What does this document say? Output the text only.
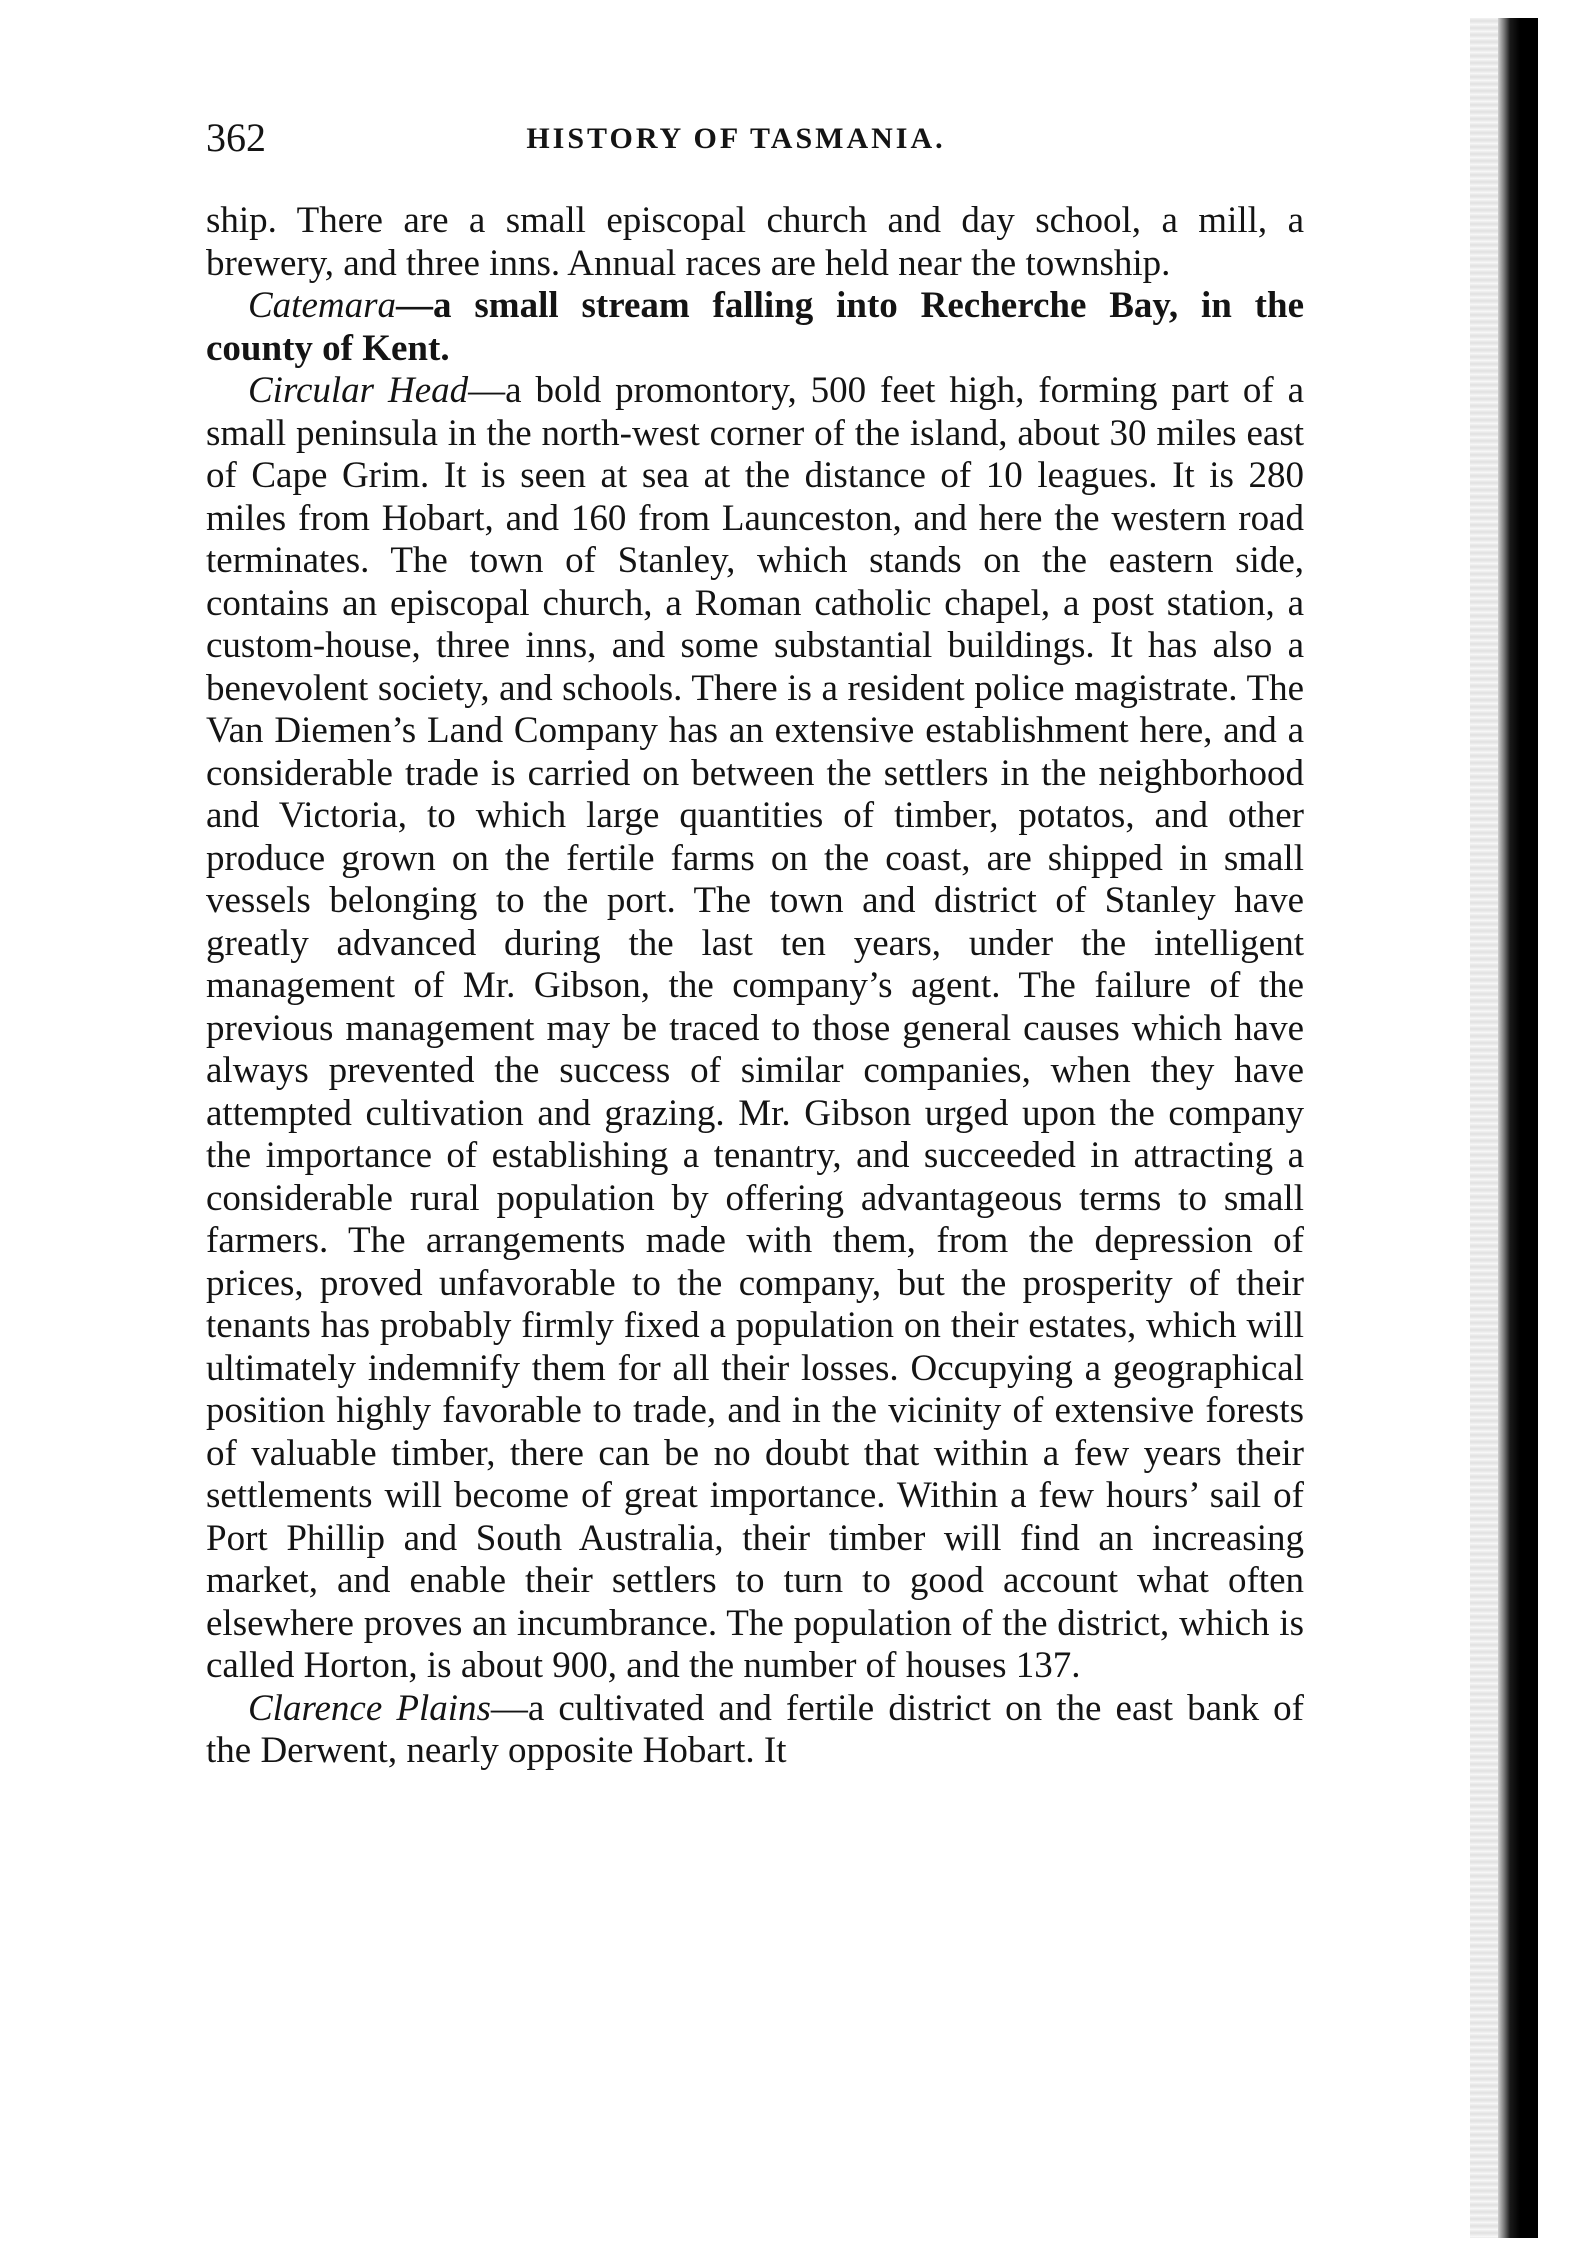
362	HISTORY OF TASMANIA.

ship. There are a small episcopal church and day school, a mill, a brewery, and three inns. Annual races are held near the township.

Catemara—a small stream falling into Recherche Bay, in the county of Kent.

Circular Head—a bold promontory, 500 feet high, forming part of a small peninsula in the north-west corner of the island, about 30 miles east of Cape Grim. It is seen at sea at the distance of 10 leagues. It is 280 miles from Hobart, and 160 from Launceston, and here the western road terminates. The town of Stanley, which stands on the eastern side, contains an episcopal church, a Roman catholic chapel, a post station, a custom-house, three inns, and some substantial buildings. It has also a benevolent society, and schools. There is a resident police magistrate. The Van Diemen’s Land Company has an extensive establishment here, and a considerable trade is carried on between the settlers in the neighborhood and Victoria, to which large quantities of timber, potatos, and other produce grown on the fertile farms on the coast, are shipped in small vessels belonging to the port. The town and district of Stanley have greatly advanced during the last ten years, under the intelligent management of Mr. Gibson, the company’s agent. The failure of the previous management may be traced to those general causes which have always prevented the success of similar companies, when they have attempted cultivation and grazing. Mr. Gibson urged upon the company the importance of establishing a tenantry, and succeeded in attracting a considerable rural population by offering advantageous terms to small farmers. The arrangements made with them, from the depression of prices, proved unfavorable to the company, but the prosperity of their tenants has probably firmly fixed a population on their estates, which will ultimately indemnify them for all their losses. Occupying a geographical position highly favorable to trade, and in the vicinity of extensive forests of valuable timber, there can be no doubt that within a few years their settlements will become of great importance. Within a few hours’ sail of Port Phillip and South Australia, their timber will find an increasing market, and enable their settlers to turn to good account what often elsewhere proves an incumbrance. The population of the district, which is called Horton, is about 900, and the number of houses 137.

Clarence Plains—a cultivated and fertile district on the east bank of the Derwent, nearly opposite Hobart. It
